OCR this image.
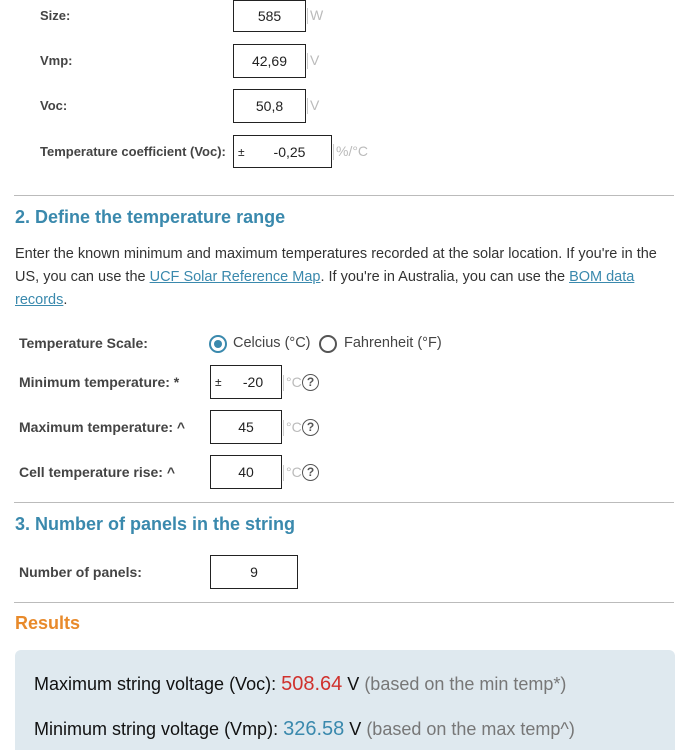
Size:	585	W
Vmp:	42,69	V
Voc:	50,8	V
Temperature coefficient (Voc):	±	-0,25	%/°C
2. Define the temperature range
Enter the known minimum and maximum temperatures recorded at the solar location. If you're in the US, you can use the UCF Solar Reference Map. If you're in Australia, you can use the BOM data records.
Temperature Scale:	Celcius (°C) Fahrenheit (°F)
Minimum temperature: *	±	-20	°C ?
Maximum temperature: ^	45	°C ?
Cell temperature rise: ^	40	°C ?
3. Number of panels in the string
Number of panels:	9
Results
Maximum string voltage (Voc): 508.64 V (based on the min temp*)
Minimum string voltage (Vmp): 326.58 V (based on the max temp^)
